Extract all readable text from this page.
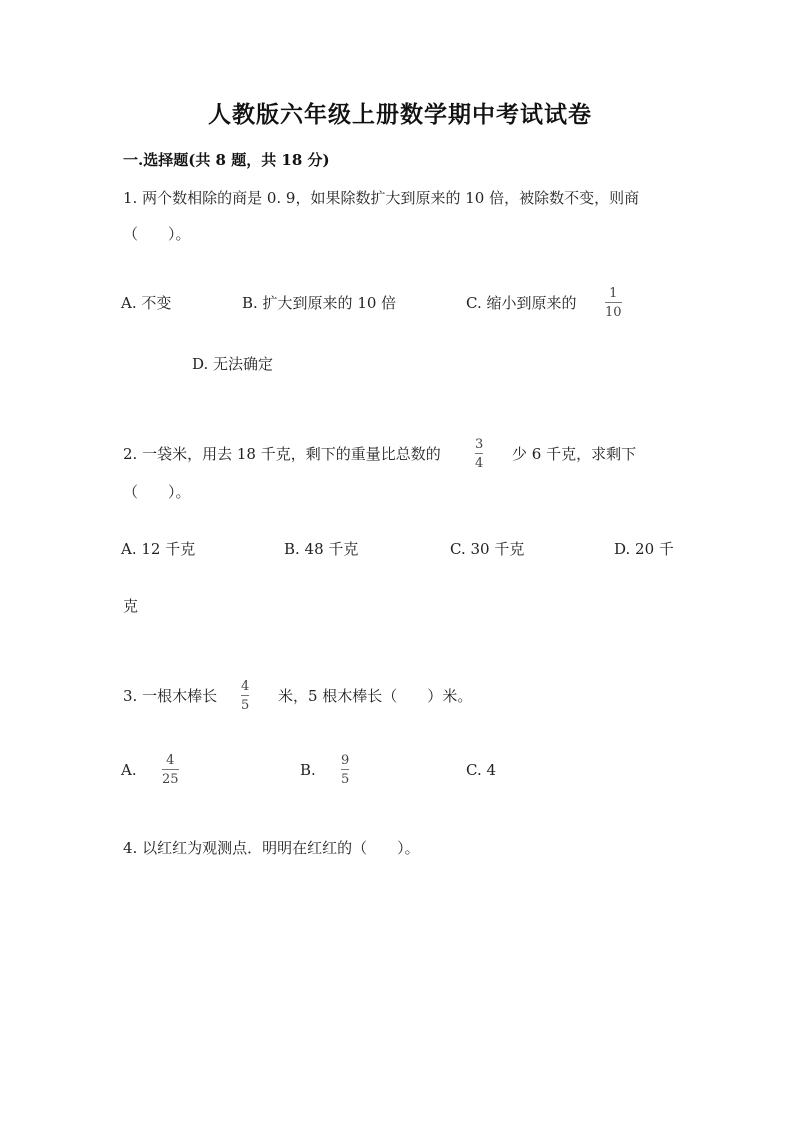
人教版六年级上册数学期中考试试卷
一.选择题(共 8 题，共 18 分)
1. 两个数相除的商是 0. 9，如果除数扩大到原来的 10 倍，被除数不变，则商
（　　）。
A. 不变	B. 扩大到原来的 10 倍	C. 缩小到原来的
1
10
D. 无法确定
2. 一袋米，用去 18 千克，剩下的重量比总数的
3
4
少 6 千克，求剩下
（　　）。
A. 12 千克	B. 48 千克	C. 30 千克	D. 20 千
克
3. 一根木棒长
4
5
米，5 根木棒长（　　）米。
A.
4
25
B.
9
5
C. 4
4. 以红红为观测点．明明在红红的（　　）。
